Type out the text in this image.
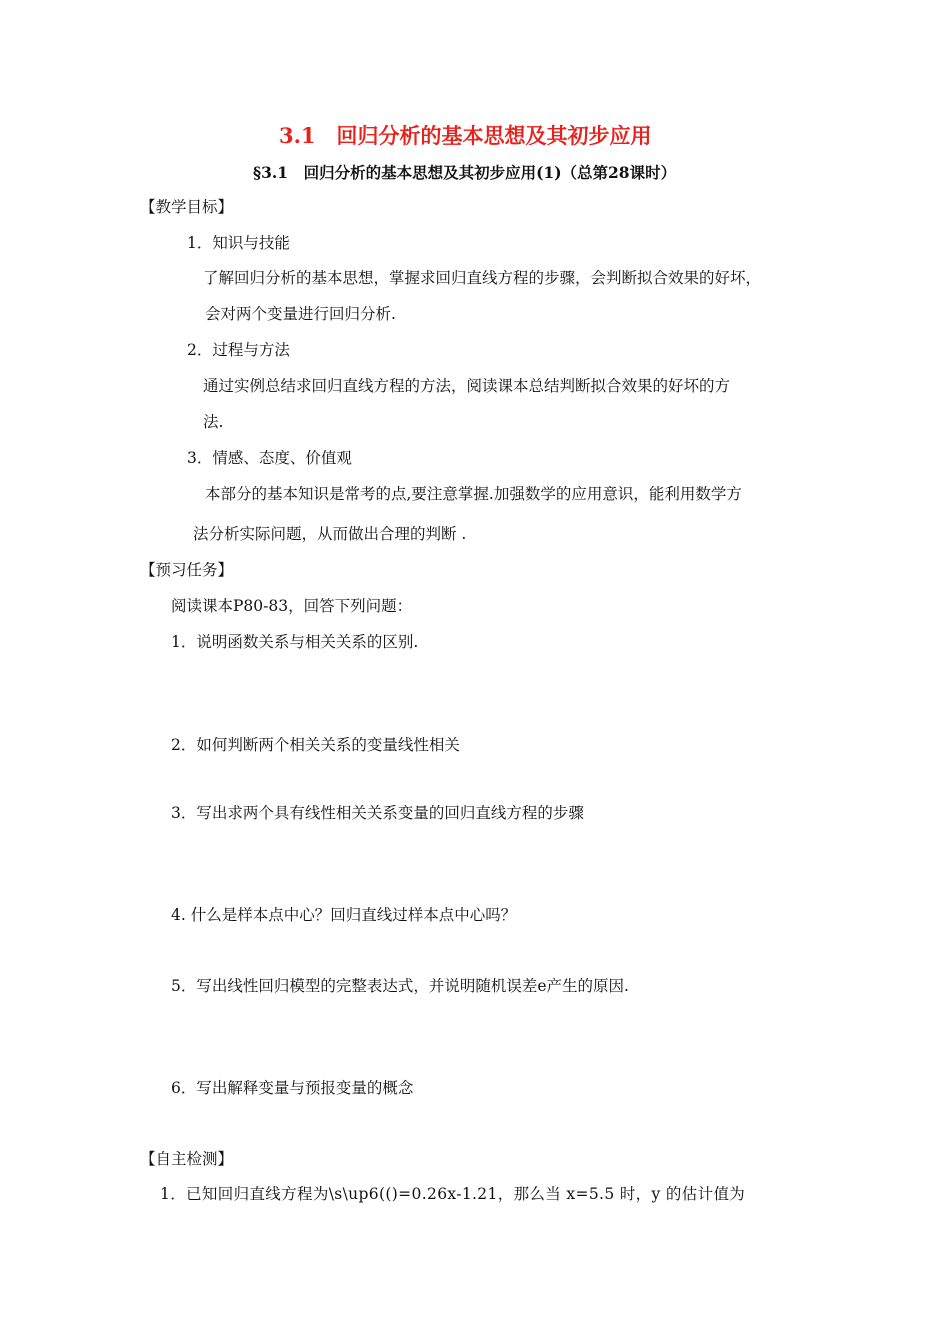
3.1　回归分析的基本思想及其初步应用
§3.1　回归分析的基本思想及其初步应用(1)（总第28课时）
【教学目标】
1．知识与技能
了解回归分析的基本思想，掌握求回归直线方程的步骤，会判断拟合效果的好坏，
会对两个变量进行回归分析.
2．过程与方法
通过实例总结求回归直线方程的方法，阅读课本总结判断拟合效果的好坏的方
法.
3．情感、态度、价值观
本部分的基本知识是常考的点,要注意掌握.加强数学的应用意识，能利用数学方
法分析实际问题，从而做出合理的判断 .
【预习任务】
阅读课本P80-83，回答下列问题：
1．说明函数关系与相关关系的区别.
2．如何判断两个相关关系的变量线性相关
3．写出求两个具有线性相关关系变量的回归直线方程的步骤
4. 什么是样本点中心？回归直线过样本点中心吗？
5．写出线性回归模型的完整表达式，并说明随机误差e产生的原因.
6．写出解释变量与预报变量的概念
【自主检测】
1．已知回归直线方程为\s\up6(()=0.26x-1.21，那么当 x=5.5 时，y 的估计值为
